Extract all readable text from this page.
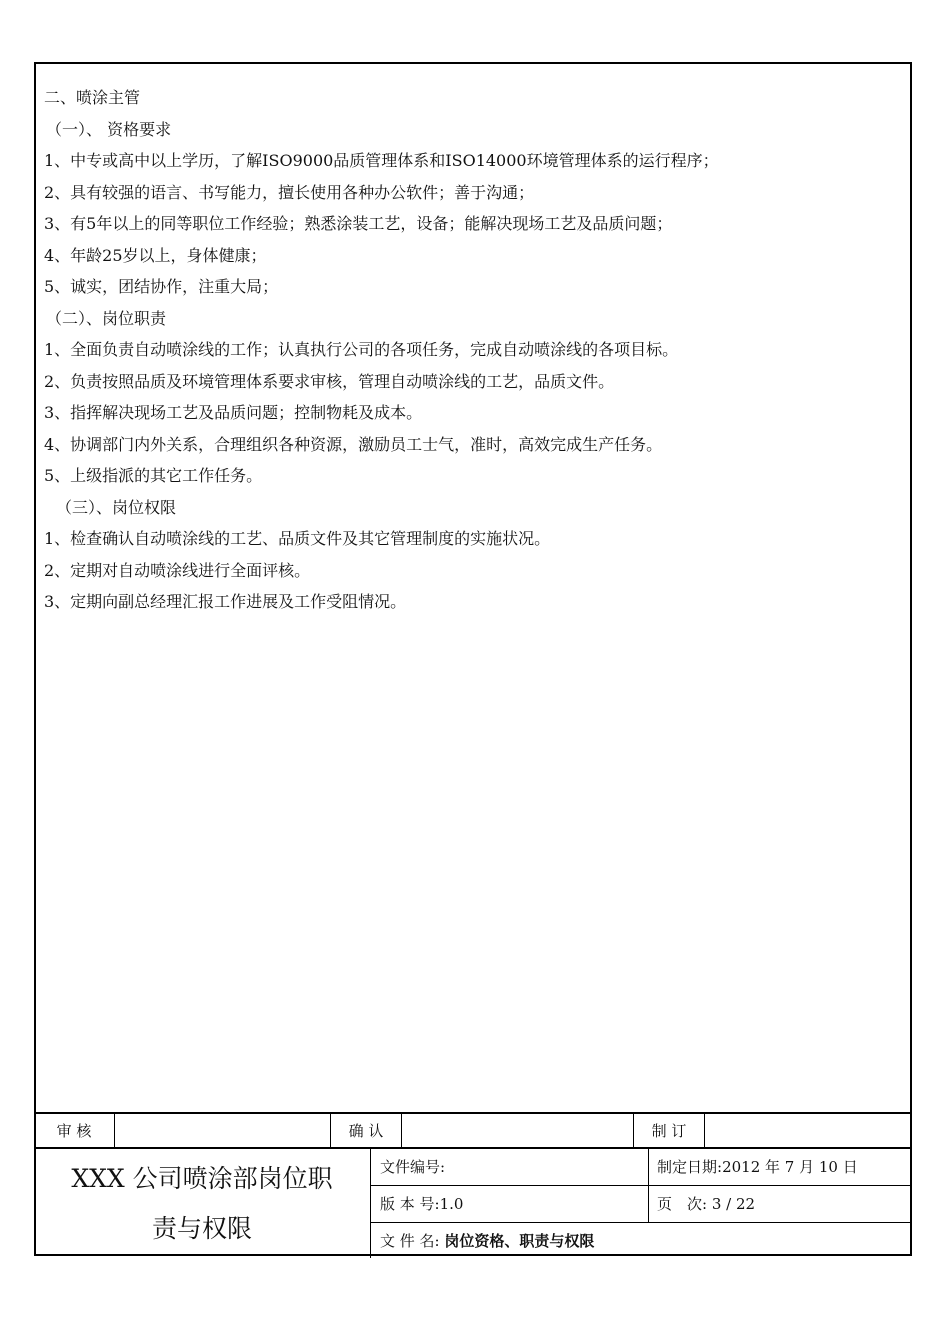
二、喷涂主管
（一）、 资格要求
1、中专或高中以上学历，了解ISO9000品质管理体系和ISO14000环境管理体系的运行程序；
2、具有较强的语言、书写能力，擅长使用各种办公软件；善于沟通；
3、有5年以上的同等职位工作经验；熟悉涂装工艺，设备；能解决现场工艺及品质问题；
4、年龄25岁以上，身体健康；
5、诚实，团结协作，注重大局；
（二）、岗位职责
1、全面负责自动喷涂线的工作；认真执行公司的各项任务，完成自动喷涂线的各项目标。
2、负责按照品质及环境管理体系要求审核，管理自动喷涂线的工艺，品质文件。
3、指挥解决现场工艺及品质问题；控制物耗及成本。
4、协调部门内外关系，合理组织各种资源，激励员工士气，准时，高效完成生产任务。
5、上级指派的其它工作任务。
（三）、岗位权限
1、检查确认自动喷涂线的工艺、品质文件及其它管理制度的实施状况。
2、定期对自动喷涂线进行全面评核。
3、定期向副总经理汇报工作进展及工作受阻情况。
审 核	确 认	制 订
XXX 公司喷涂部岗位职
责与权限
文件编号:	制定日期:2012 年 7 月 10 日
版 本 号:1.0	页　次: 3 / 22
文 件 名: 岗位资格、职责与权限
